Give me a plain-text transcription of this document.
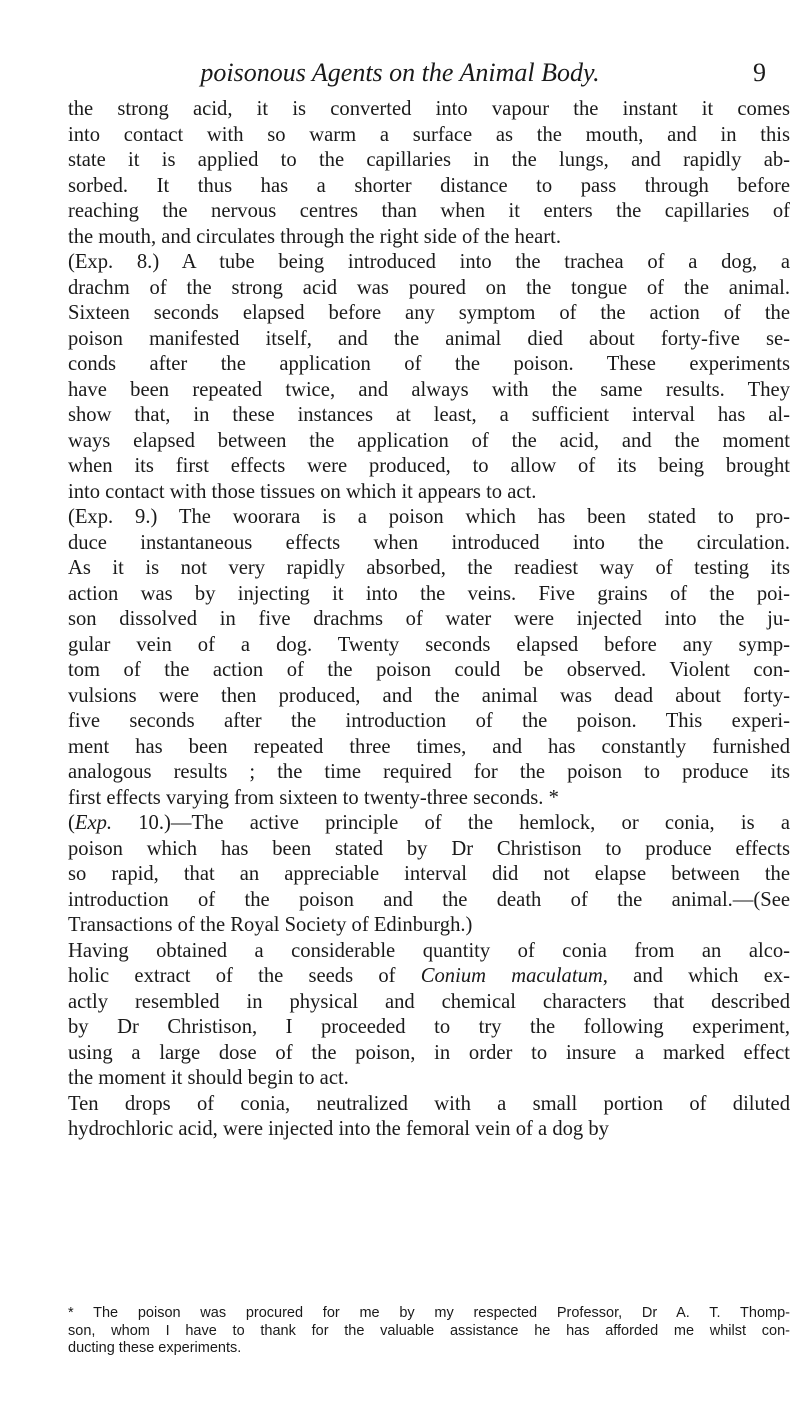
poisonous Agents on the Animal Body.	9
the strong acid, it is converted into vapour the instant it comes
into contact with so warm a surface as the mouth, and in this
state it is applied to the capillaries in the lungs, and rapidly ab-
sorbed. It thus has a shorter distance to pass through before
reaching the nervous centres than when it enters the capillaries of
the mouth, and circulates through the right side of the heart.
(Exp. 8.) A tube being introduced into the trachea of a dog, a
drachm of the strong acid was poured on the tongue of the animal.
Sixteen seconds elapsed before any symptom of the action of the
poison manifested itself, and the animal died about forty-five se-
conds after the application of the poison. These experiments
have been repeated twice, and always with the same results. They
show that, in these instances at least, a sufficient interval has al-
ways elapsed between the application of the acid, and the moment
when its first effects were produced, to allow of its being brought
into contact with those tissues on which it appears to act.
(Exp. 9.) The woorara is a poison which has been stated to pro-
duce instantaneous effects when introduced into the circulation.
As it is not very rapidly absorbed, the readiest way of testing its
action was by injecting it into the veins. Five grains of the poi-
son dissolved in five drachms of water were injected into the ju-
gular vein of a dog. Twenty seconds elapsed before any symp-
tom of the action of the poison could be observed. Violent con-
vulsions were then produced, and the animal was dead about forty-
five seconds after the introduction of the poison. This experi-
ment has been repeated three times, and has constantly furnished
analogous results ; the time required for the poison to produce its
first effects varying from sixteen to twenty-three seconds. *
(Exp. 10.)—The active principle of the hemlock, or conia, is a
poison which has been stated by Dr Christison to produce effects
so rapid, that an appreciable interval did not elapse between the
introduction of the poison and the death of the animal.—(See
Transactions of the Royal Society of Edinburgh.)
Having obtained a considerable quantity of conia from an alco-
holic extract of the seeds of Conium maculatum, and which ex-
actly resembled in physical and chemical characters that described
by Dr Christison, I proceeded to try the following experiment,
using a large dose of the poison, in order to insure a marked effect
the moment it should begin to act.
Ten drops of conia, neutralized with a small portion of diluted
hydrochloric acid, were injected into the femoral vein of a dog by
* The poison was procured for me by my respected Professor, Dr A. T. Thomp-
son, whom I have to thank for the valuable assistance he has afforded me whilst con-
ducting these experiments.
